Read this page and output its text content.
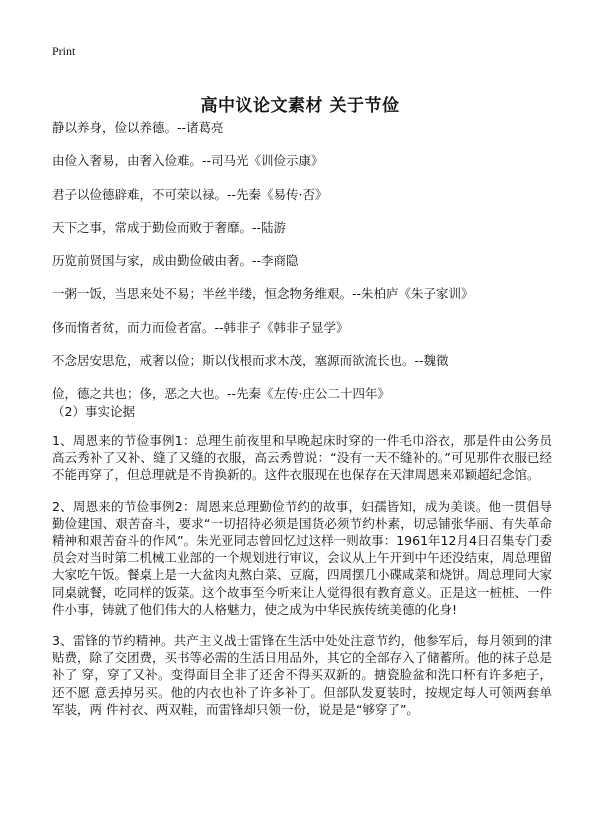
Print
高中议论文素材 关于节俭
静以养身，俭以养德。--诸葛亮
由俭入奢易，由奢入俭难。--司马光《训俭示康》
君子以俭德辟难，不可荣以禄。--先秦《易传·否》
天下之事，常成于勤俭而败于奢靡。--陆游
历览前贤国与家，成由勤俭破由奢。--李商隐
一粥一饭，当思来处不易；半丝半缕，恒念物务维艰。--朱柏庐《朱子家训》
侈而惰者贫，而力而俭者富。--韩非子《韩非子显学》
不念居安思危，戒奢以俭；斯以伐根而求木茂，塞源而欲流长也。--魏徵
俭，德之共也；侈，恶之大也。--先秦《左传·庄公二十四年》
（2）事实论据

1、周恩来的节俭事例1：总理生前夜里和早晚起床时穿的一件毛巾浴衣，那是件由公务员高云秀补了又补、缝了又缝的衣服，高云秀曾说：“没有一天不缝补的。”可见那件衣服已经不能再穿了，但总理就是不肯换新的。这件衣服现在也保存在天津周恩来邓颖超纪念馆。

2、周恩来的节俭事例2：周恩来总理勤俭节约的故事，妇孺皆知，成为美谈。他一贯倡导勤俭建国、艰苦奋斗，要求“一切招待必须是国货必须节约朴素，切忌铺张华丽、有失革命精神和艰苦奋斗的作风”。朱光亚同志曾回忆过这样一则故事：1961年12月4日召集专门委员会对当时第二机械工业部的一个规划进行审议，会议从上午开到中午还没结束，周总理留大家吃午饭。餐桌上是一大盆肉丸熬白菜、豆腐，四周摆几小碟咸菜和烧饼。周总理同大家同桌就餐，吃同样的饭菜。这个故事至今听来让人觉得很有教育意义。正是这一桩桩、一件件小事，铸就了他们伟大的人格魅力，使之成为中华民族传统美德的化身!

3、雷锋的节约精神。共产主义战士雷锋在生活中处处注意节约，他参军后，每月领到的津贴费，除了交团费，买书等必需的生活日用品外，其它的全部存入了储蓄所。他的袜子总是补了 穿，穿了又补。变得面目全非了还舍不得买双新的。搪瓷脸盆和洗口杯有许多疤子，还不愿 意丢掉另买。他的内衣也补了许多补丁。但部队发夏装时，按规定每人可领两套单军装，两 件衬衣、两双鞋，而雷锋却只领一份，说是是“够穿了”。
